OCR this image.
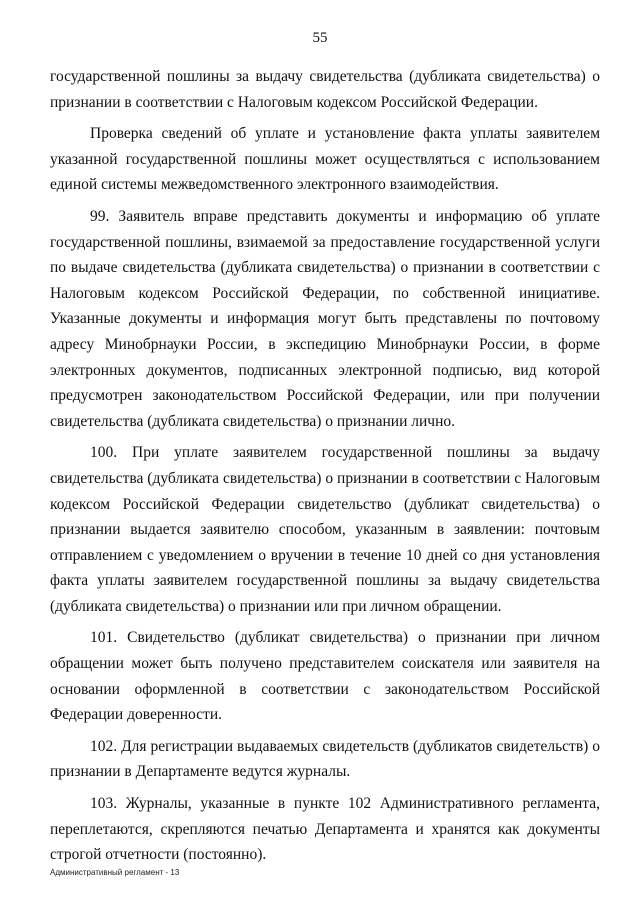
55

государственной пошлины за выдачу свидетельства (дубликата свидетельства) о признании в соответствии с Налоговым кодексом Российской Федерации.

Проверка сведений об уплате и установление факта уплаты заявителем указанной государственной пошлины может осуществляться с использованием единой системы межведомственного электронного взаимодействия.

99. Заявитель вправе представить документы и информацию об уплате государственной пошлины, взимаемой за предоставление государственной услуги по выдаче свидетельства (дубликата свидетельства) о признании в соответствии с Налоговым кодексом Российской Федерации, по собственной инициативе. Указанные документы и информация могут быть представлены по почтовому адресу Минобрнауки России, в экспедицию Минобрнауки России, в форме электронных документов, подписанных электронной подписью, вид которой предусмотрен законодательством Российской Федерации, или при получении свидетельства (дубликата свидетельства) о признании лично.

100. При уплате заявителем государственной пошлины за выдачу свидетельства (дубликата свидетельства) о признании в соответствии с Налоговым кодексом Российской Федерации свидетельство (дубликат свидетельства) о признании выдается заявителю способом, указанным в заявлении: почтовым отправлением с уведомлением о вручении в течение 10 дней со дня установления факта уплаты заявителем государственной пошлины за выдачу свидетельства (дубликата свидетельства) о признании или при личном обращении.

101. Свидетельство (дубликат свидетельства) о признании при личном обращении может быть получено представителем соискателя или заявителя на основании оформленной в соответствии с законодательством Российской Федерации доверенности.

102. Для регистрации выдаваемых свидетельств (дубликатов свидетельств) о признании в Департаменте ведутся журналы.

103. Журналы, указанные в пункте 102 Административного регламента, переплетаются, скрепляются печатью Департамента и хранятся как документы строгой отчетности (постоянно).

Административный регламент - 13
